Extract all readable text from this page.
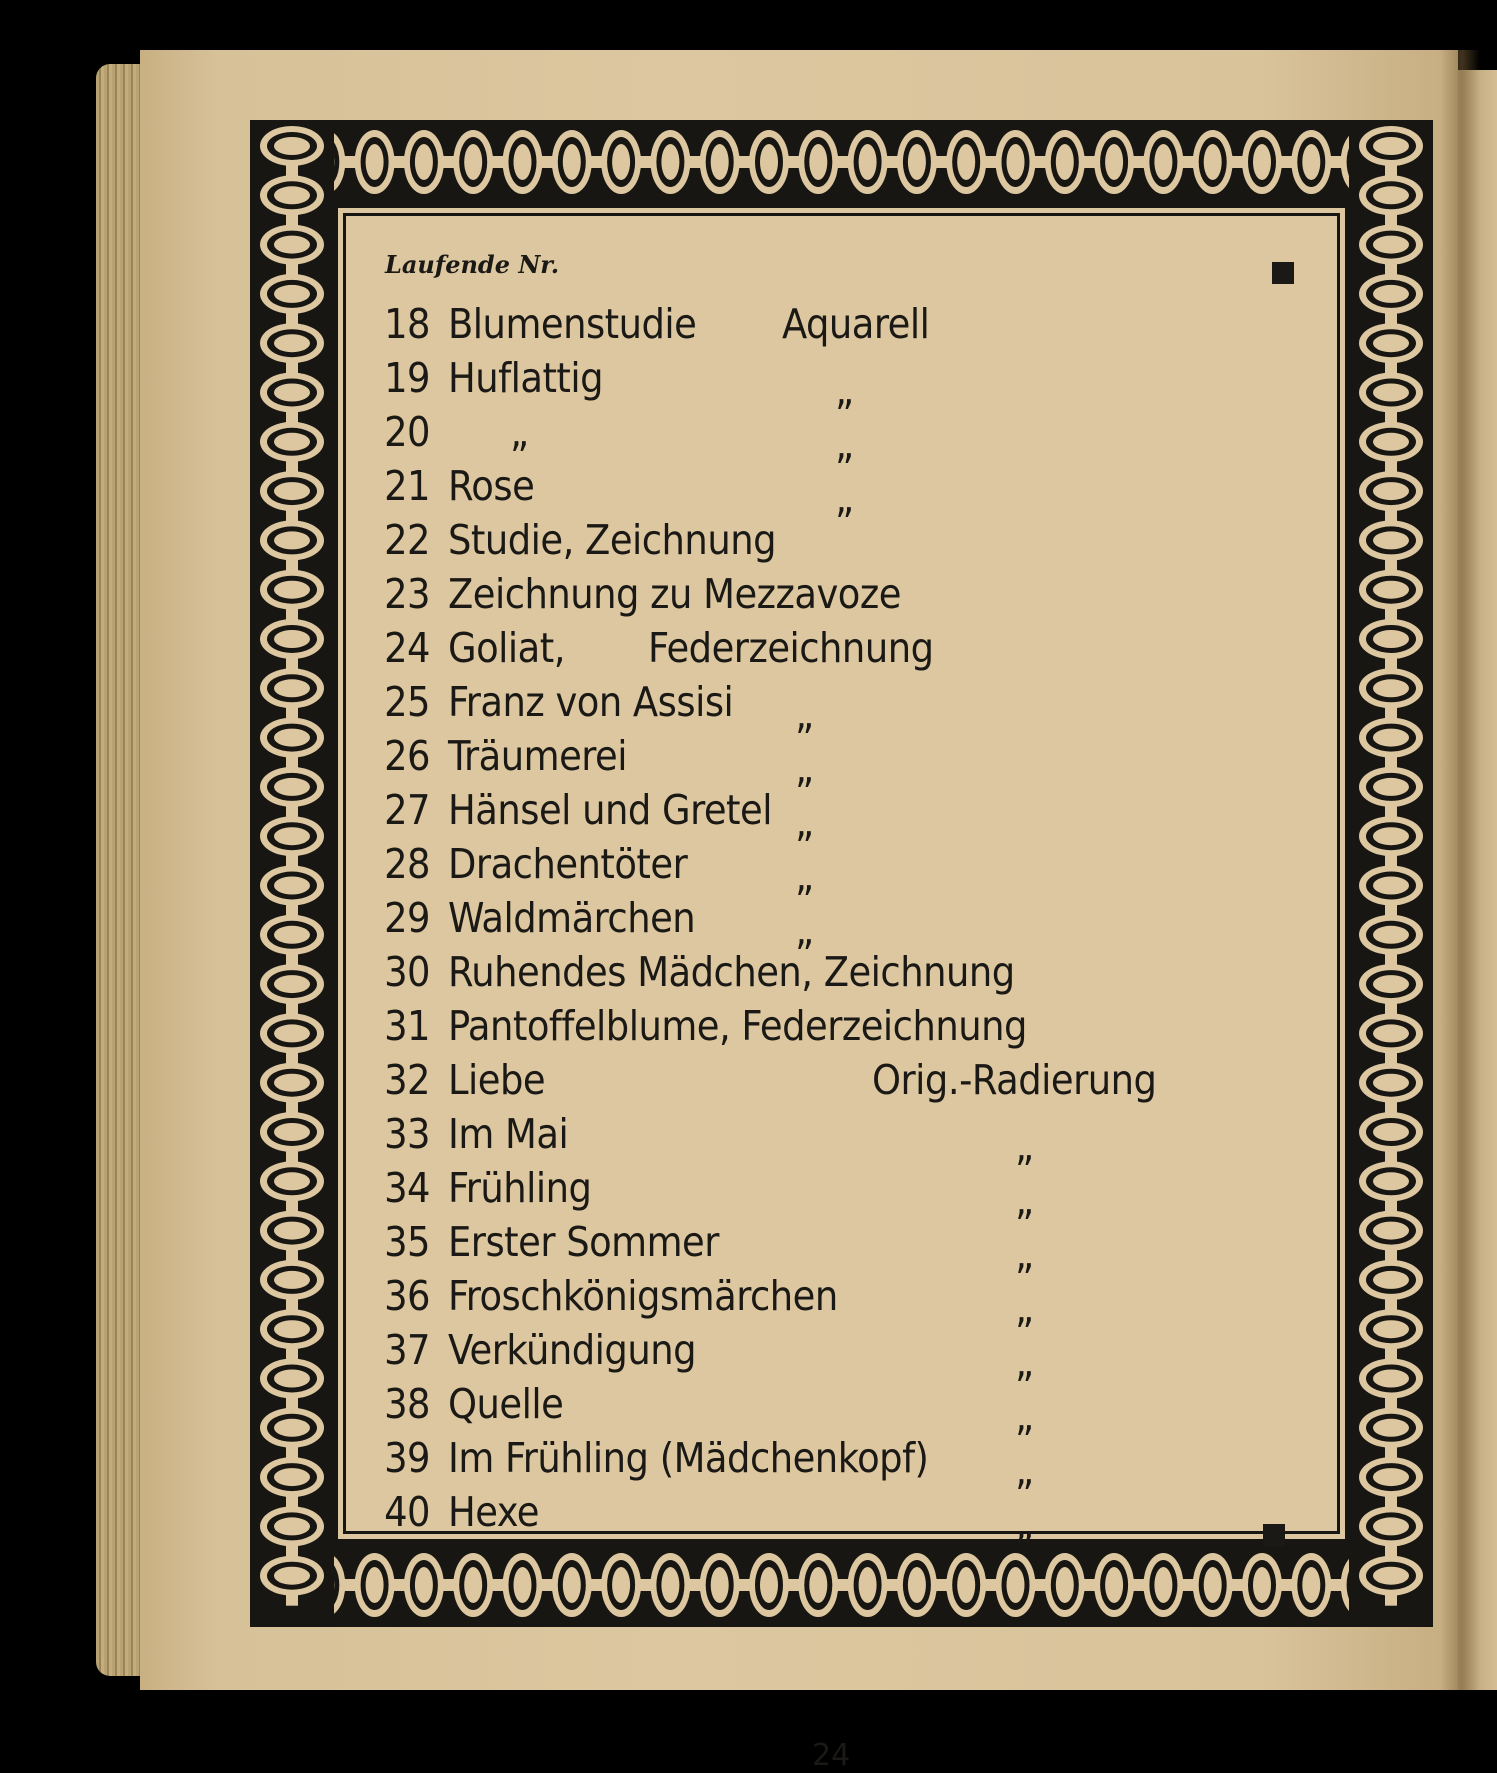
Laufende Nr.
18 Blumenstudie Aquarell
19 Huflattig	„
20 „	„
21 Rose	„
22 Studie, Zeichnung
23 Zeichnung zu Mezzavoze
24 Goliat, Federzeichnung
25 Franz von Assisi „
26 Träumerei	„
27 Hänsel und Gretel „
28 Drachentöter	„
29 Waldmärchen „
30 Ruhendes Mädchen, Zeichnung
31 Pantoffelblume, Federzeichnung
32 Liebe	Orig.-Radierung
33 Im Mai	„
34 Frühling	„
35 Erster Sommer	„
36 Froschkönigsmärchen	„
37 Verkündigung	„
38 Quelle	„
39 Im Frühling (Mädchenkopf) „
40 Hexe	„
24
